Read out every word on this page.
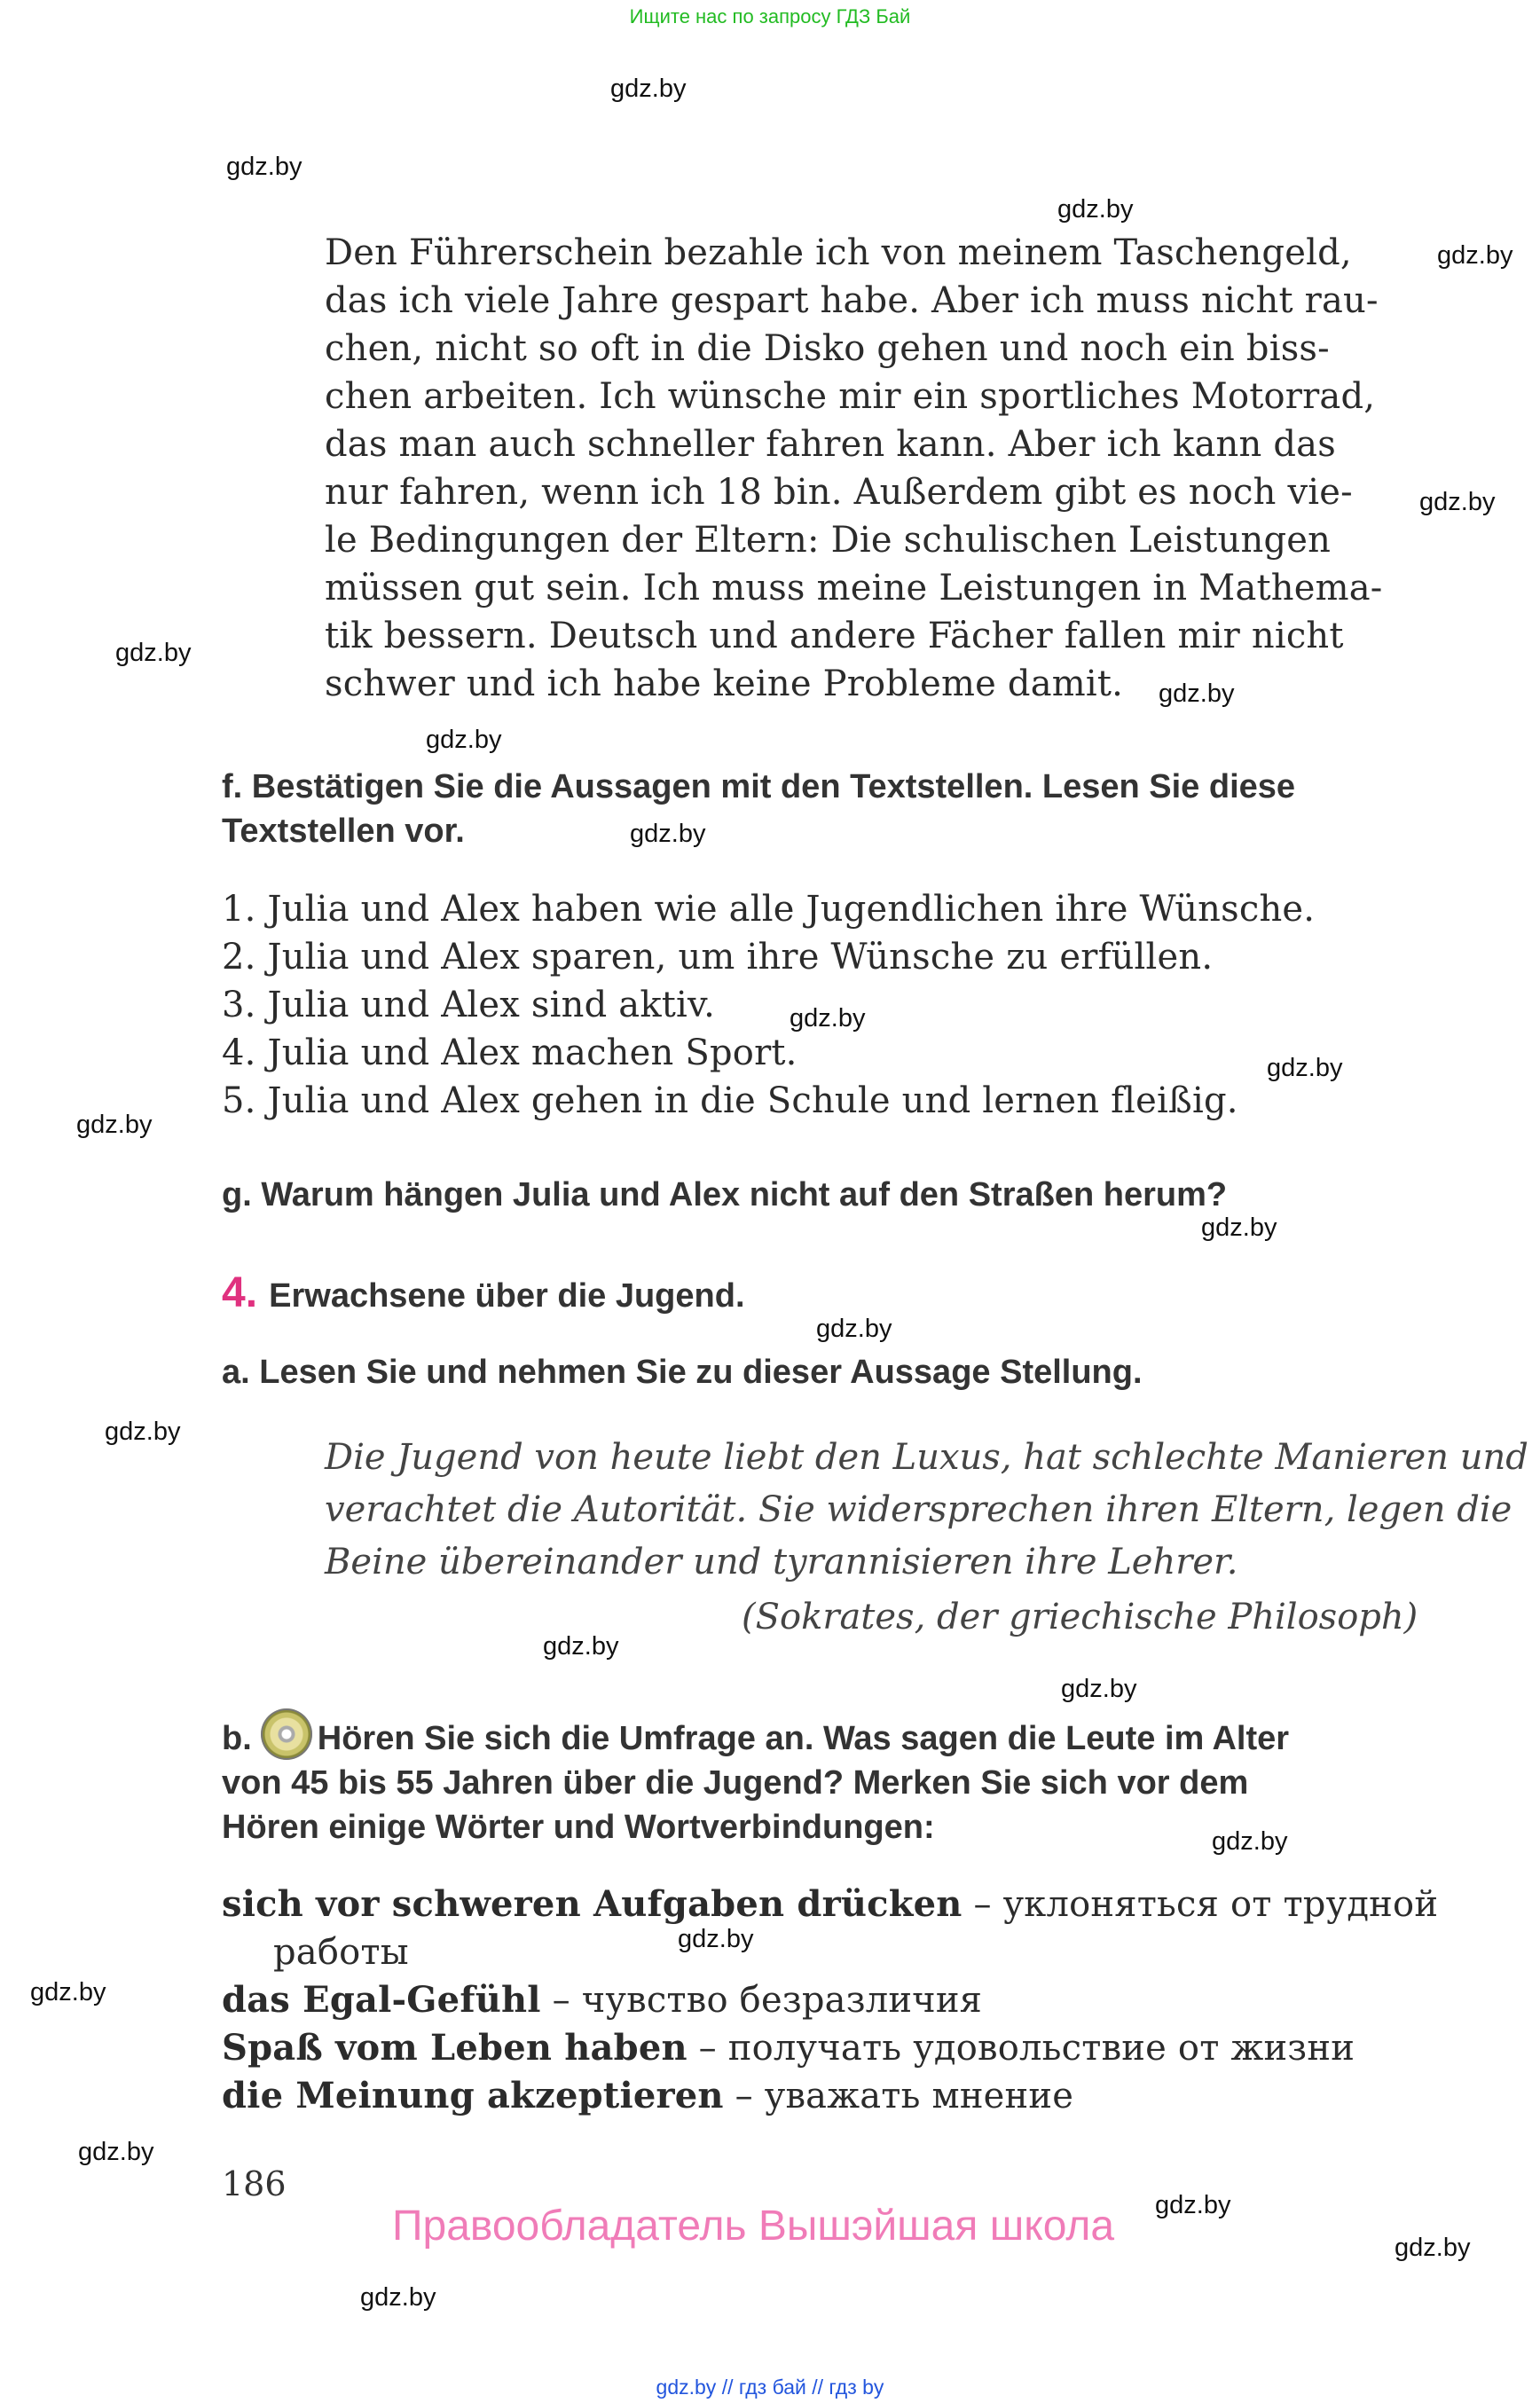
Ищите нас по запросу ГДЗ Бай
gdz.by
gdz.by
gdz.by
gdz.by
gdz.by
gdz.by
gdz.by
gdz.by
gdz.by
gdz.by
gdz.by
gdz.by
gdz.by
gdz.by
gdz.by
gdz.by
gdz.by
gdz.by
gdz.by
gdz.by
gdz.by
gdz.by
gdz.by
gdz.by
Den Führerschein bezahle ich von meinem Taschengeld,
das ich viele Jahre gespart habe. Aber ich muss nicht rau-
chen, nicht so oft in die Disko gehen und noch ein biss-
chen arbeiten. Ich wünsche mir ein sportliches Motorrad,
das man auch schneller fahren kann. Aber ich kann das
nur fahren, wenn ich 18 bin. Außerdem gibt es noch vie-
le Bedingungen der Eltern: Die schulischen Leistungen
müssen gut sein. Ich muss meine Leistungen in Mathema-
tik bessern. Deutsch und andere Fächer fallen mir nicht
schwer und ich habe keine Probleme damit.
f. Bestätigen Sie die Aussagen mit den Textstellen. Lesen Sie diese
Textstellen vor.
1. Julia und Alex haben wie alle Jugendlichen ihre Wünsche.
2. Julia und Alex sparen, um ihre Wünsche zu erfüllen.
3. Julia und Alex sind aktiv.
4. Julia und Alex machen Sport.
5. Julia und Alex gehen in die Schule und lernen fleißig.
g. Warum hängen Julia und Alex nicht auf den Straßen herum?
4. Erwachsene über die Jugend.
a. Lesen Sie und nehmen Sie zu dieser Aussage Stellung.
Die Jugend von heute liebt den Luxus, hat schlechte Manieren und
verachtet die Autorität. Sie widersprechen ihren Eltern, legen die
Beine übereinander und tyrannisieren ihre Lehrer.
(Sokrates, der griechische Philosoph)
b. Hören Sie sich die Umfrage an. Was sagen die Leute im Alter
von 45 bis 55 Jahren über die Jugend? Merken Sie sich vor dem
Hören einige Wörter und Wortverbindungen:
sich vor schweren Aufgaben drücken – уклоняться от трудной
работы
das Egal-Gefühl – чувство безразличия
Spaß vom Leben haben – получать удовольствие от жизни
die Meinung akzeptieren – уважать мнение
186
Правообладатель Вышэйшая школа
gdz.by // гдз бай // гдз by
